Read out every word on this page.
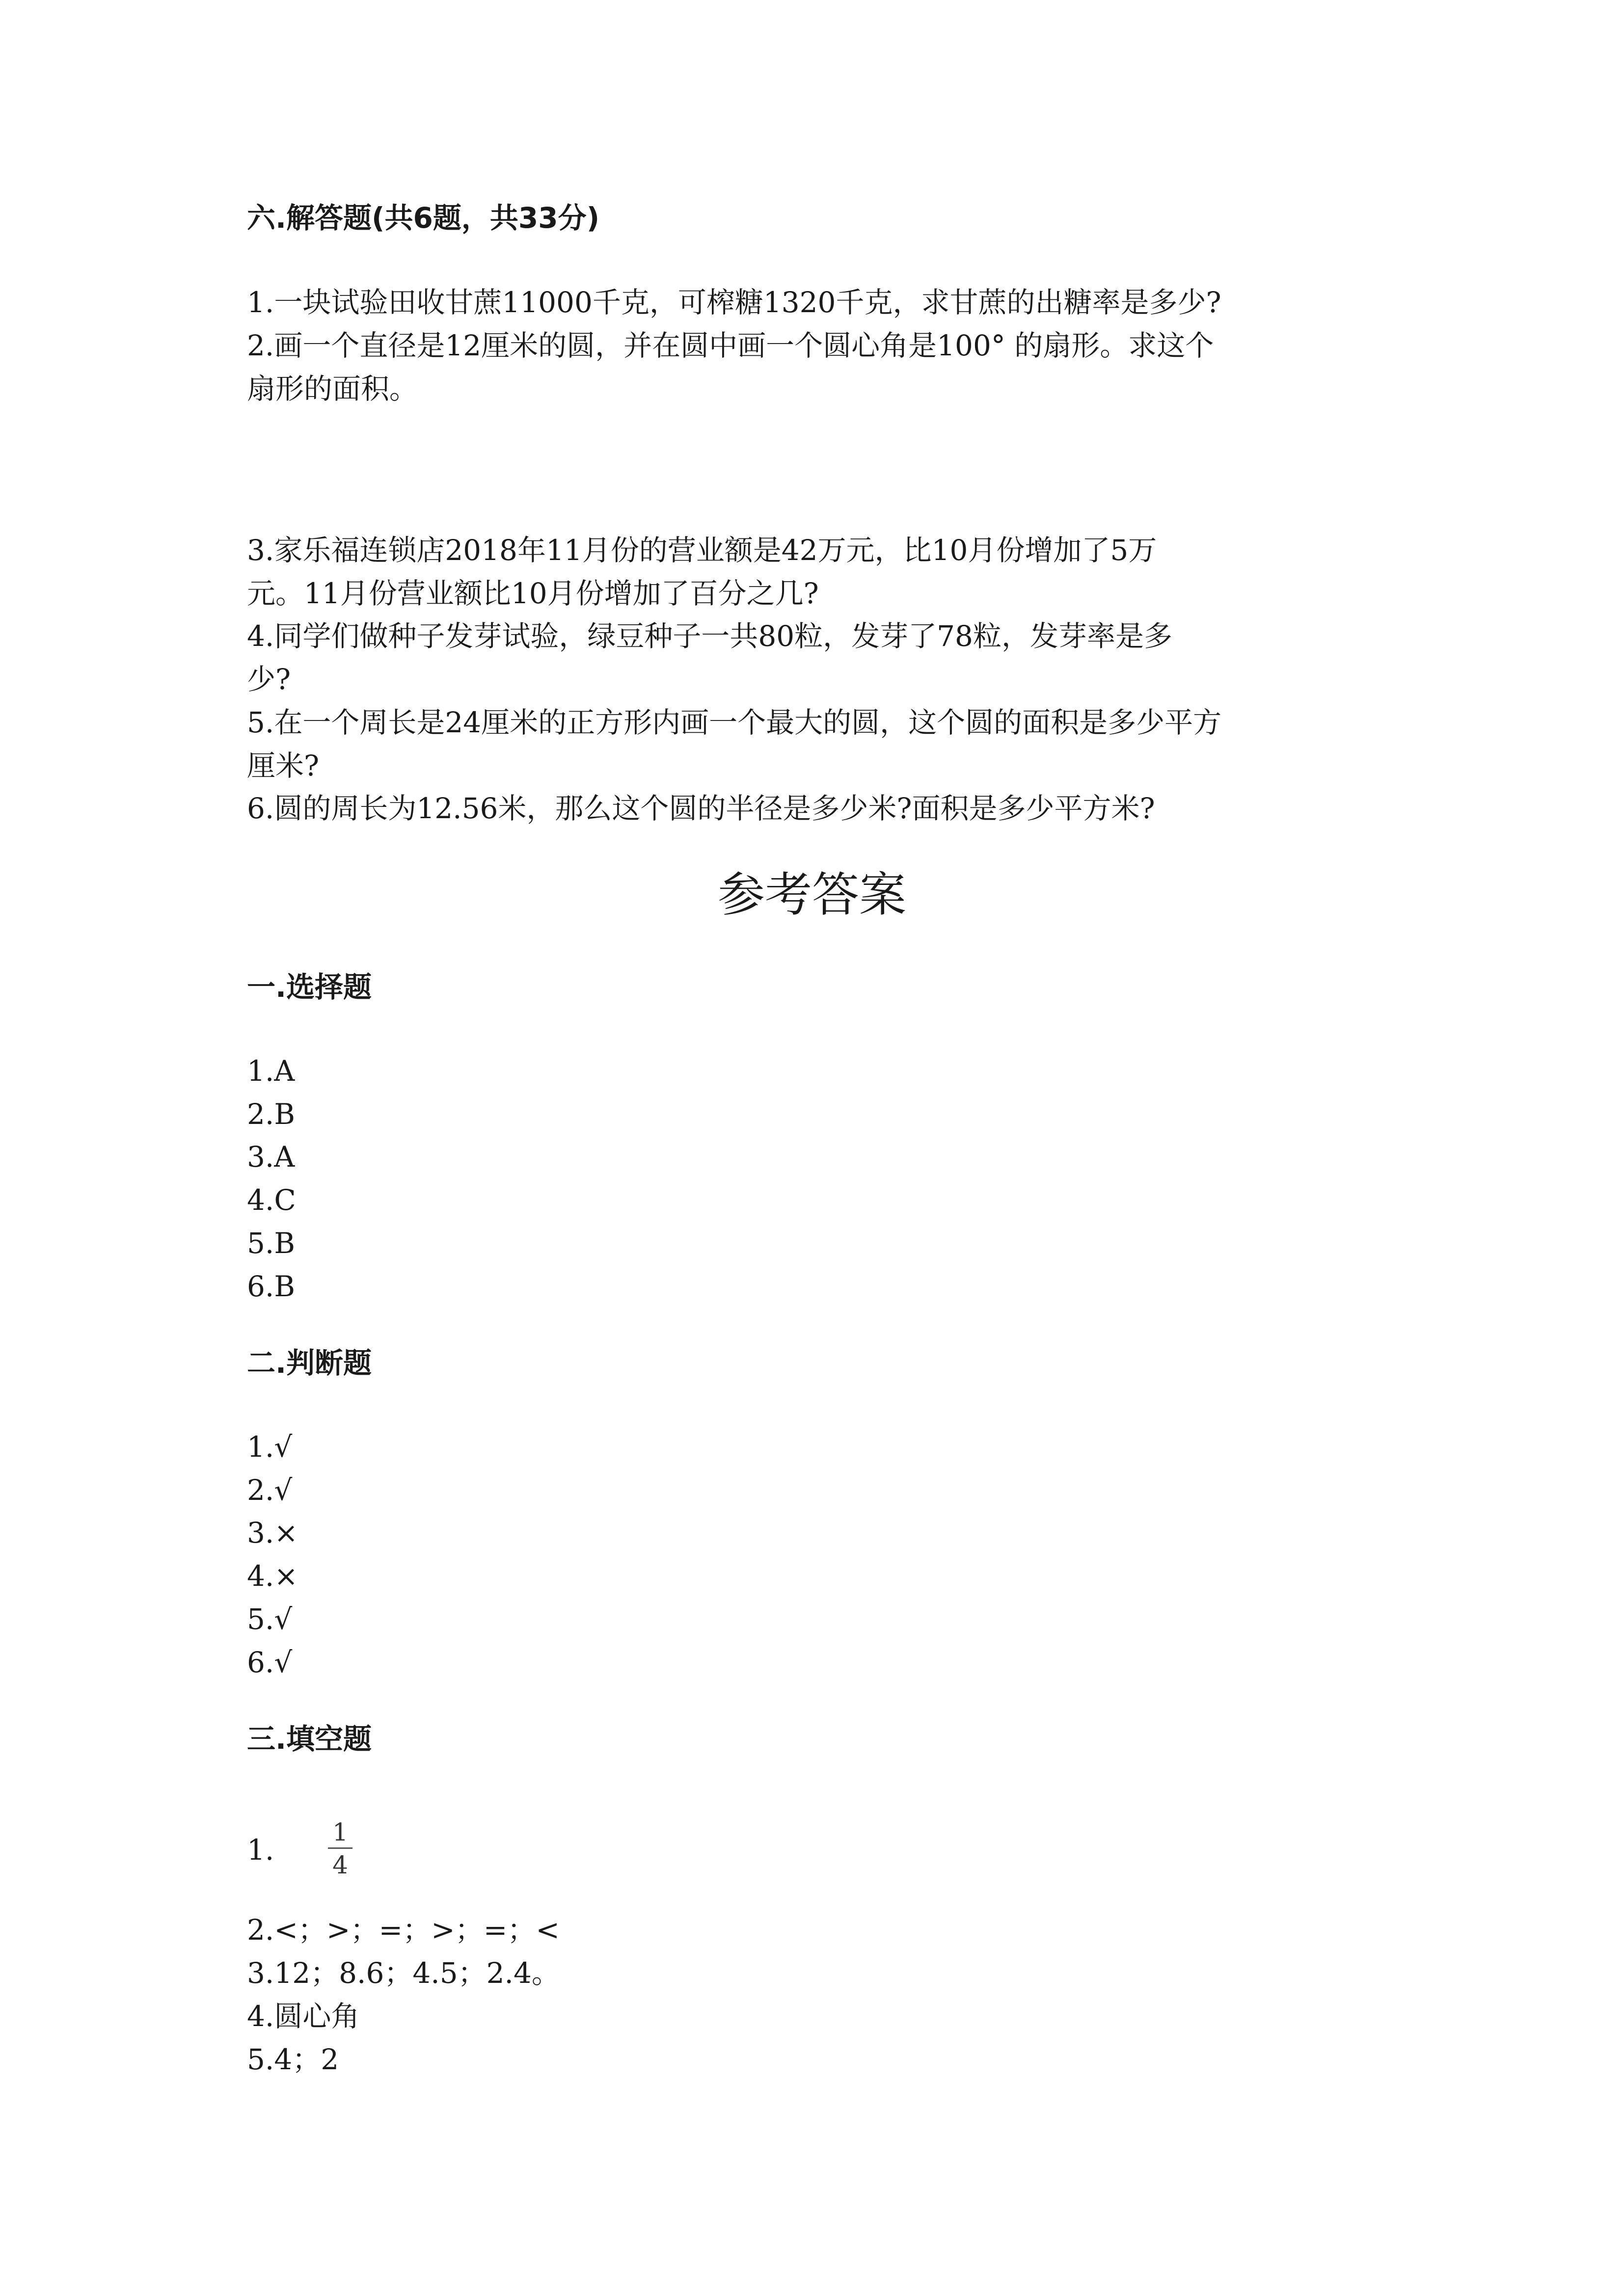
六.解答题(共6题，共33分)
1.一块试验田收甘蔗11000千克，可榨糖1320千克，求甘蔗的出糖率是多少?
2.画一个直径是12厘米的圆，并在圆中画一个圆心角是100° 的扇形。求这个
扇形的面积。
3.家乐福连锁店2018年11月份的营业额是42万元，比10月份增加了5万
元。11月份营业额比10月份增加了百分之几?
4.同学们做种子发芽试验，绿豆种子一共80粒，发芽了78粒，发芽率是多
少?
5.在一个周长是24厘米的正方形内画一个最大的圆，这个圆的面积是多少平方
厘米?
6.圆的周长为12.56米，那么这个圆的半径是多少米?面积是多少平方米?
参考答案
一.选择题
1.A
2.B
3.A
4.C
5.B
6.B
二.判断题
1.√
2.√
3.×
4.×
5.√
6.√
三.填空题
1.
1
4
2.<；>；=；>；=；<
3.12；8.6；4.5；2.4。
4.圆心角
5.4；2
